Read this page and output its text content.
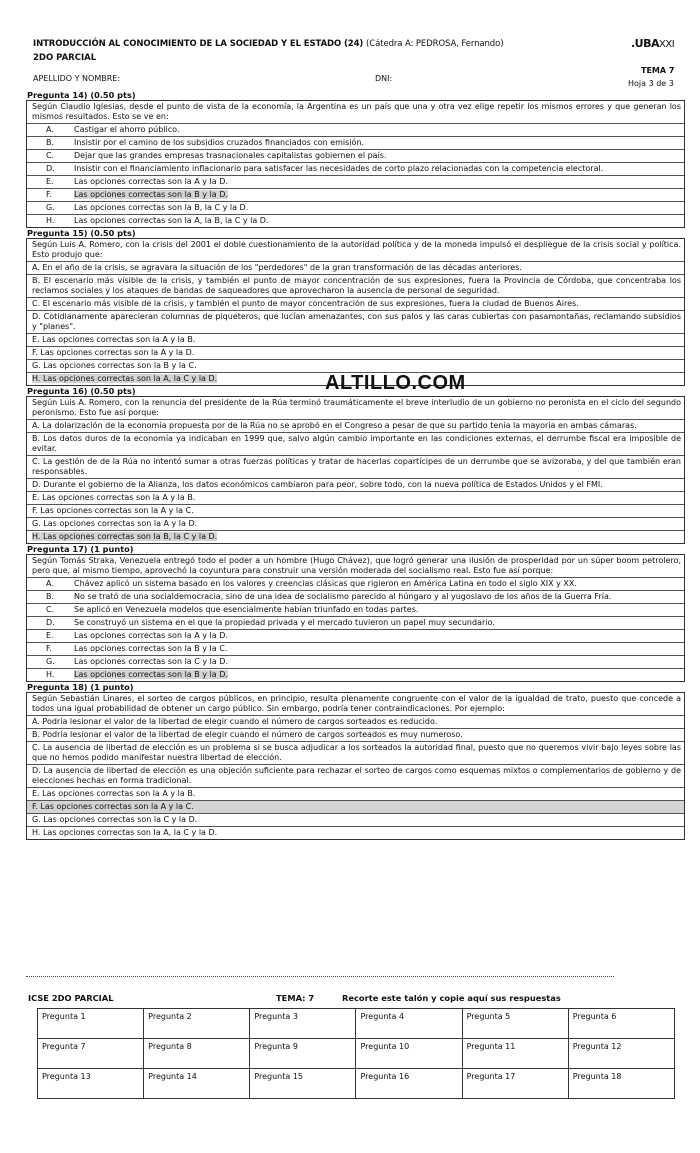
INTRODUCCIÓN AL CONOCIMIENTO DE LA SOCIEDAD Y EL ESTADO (24) (Cátedra A: PEDROSA, Fernando)
2DO PARCIAL
.UBAXXI
TEMA 7
Hoja 3 de 3
APELLIDO Y NOMBRE:	DNI:
Pregunta 14) (0.50 pts)
Según Claudio Iglesias, desde el punto de vista de la economía, la Argentina es un país que una y otra vez elige repetir los mismos errores y que generan los mismos resultados. Esto se ve en:
A.	Castigar el ahorro público.
B.	Insistir por el camino de los subsidios cruzados financiados con emisión.
C.	Dejar que las grandes empresas trasnacionales capitalistas gobiernen el país.
D.	Insistir con el financiamiento inflacionario para satisfacer las necesidades de corto plazo relacionadas con la competencia electoral.
E.	Las opciones correctas son la A y la D.
F.	Las opciones correctas son la B y la D.
G.	Las opciones correctas son la B, la C y la D.
H.	Las opciones correctas son la A, la B, la C y la D.
Pregunta 15) (0.50 pts)
Según Luis A. Romero, con la crisis del 2001 el doble cuestionamiento de la autoridad política y de la moneda impulsó el despliegue de la crisis social y política. Esto produjo que:
A. En el año de la crisis, se agravara la situación de los "perdedores" de la gran transformación de las décadas anteriores.
B. El escenario más visible de la crisis, y también el punto de mayor concentración de sus expresiones, fuera la Provincia de Córdoba, que concentraba los reclamos sociales y los ataques de bandas de saqueadores que aprovecharon la ausencia de personal de seguridad.
C. El escenario más visible de la crisis, y también el punto de mayor concentración de sus expresiones, fuera la ciudad de Buenos Aires.
D. Cotidianamente aparecieran columnas de piqueteros, que lucían amenazantes, con sus palos y las caras cubiertas con pasamontañas, reclamando subsidios y "planes".
E. Las opciones correctas son la A y la B.
F. Las opciones correctas son la A y la D.
G. Las opciones correctas son la B y la C.
H. Las opciones correctas son la A, la C y la D.
Pregunta 16) (0.50 pts)
Según Luis A. Romero, con la renuncia del presidente de la Rúa terminó traumáticamente el breve interludio de un gobierno no peronista en el ciclo del segundo peronismo. Esto fue así porque:
A. La dolarización de la economía propuesta por de la Rúa no se aprobó en el Congreso a pesar de que su partido tenía la mayoría en ambas cámaras.
B. Los datos duros de la economía ya indicaban en 1999 que, salvo algún cambio importante en las condiciones externas, el derrumbe fiscal era imposible de evitar.
C. La gestión de de la Rúa no intentó sumar a otras fuerzas políticas y tratar de hacerlas copartícipes de un derrumbe que se avizoraba, y del que también eran responsables.
D. Durante el gobierno de la Alianza, los datos económicos cambiaron para peor, sobre todo, con la nueva política de Estados Unidos y el FMI.
E. Las opciones correctas son la A y la B.
F. Las opciones correctas son la A y la C.
G. Las opciones correctas son la A y la D.
H. Las opciones correctas son la B, la C y la D.
Pregunta 17) (1 punto)
Según Tomás Straka, Venezuela entregó todo el poder a un hombre (Hugo Chávez), que logró generar una ilusión de prosperidad por un súper boom petrolero, pero que, al mismo tiempo, aprovechó la coyuntura para construir una versión moderada del socialismo real. Esto fue así porque:
A.	Chávez aplicó un sistema basado en los valores y creencias clásicas que rigieron en América Latina en todo el siglo XIX y XX.
B.	No se trató de una socialdemocracia, sino de una idea de socialismo parecido al húngaro y al yugoslavo de los años de la Guerra Fría.
C.	Se aplicó en Venezuela modelos que esencialmente habían triunfado en todas partes.
D.	Se construyó un sistema en el que la propiedad privada y el mercado tuvieron un papel muy secundario.
E.	Las opciones correctas son la A y la D.
F.	Las opciones correctas son la B y la C.
G.	Las opciones correctas son la C y la D.
H.	Las opciones correctas son la B y la D.
Pregunta 18) (1 punto)
Según Sebastián Linares, el sorteo de cargos públicos, en principio, resulta plenamente congruente con el valor de la igualdad de trato, puesto que concede a todos una igual probabilidad de obtener un cargo público. Sin embargo, podría tener contraindicaciones. Por ejemplo:
A. Podría lesionar el valor de la libertad de elegir cuando el número de cargos sorteados es reducido.
B. Podría lesionar el valor de la libertad de elegir cuando el número de cargos sorteados es muy numeroso.
C. La ausencia de libertad de elección es un problema si se busca adjudicar a los sorteados la autoridad final, puesto que no queremos vivir bajo leyes sobre las que no hemos podido manifestar nuestra libertad de elección.
D. La ausencia de libertad de elección es una objeción suficiente para rechazar el sorteo de cargos como esquemas mixtos o complementarios de gobierno y de elecciones hechas en forma tradicional.
E. Las opciones correctas son la A y la B.
F. Las opciones correctas son la A y la C.
G. Las opciones correctas son la C y la D.
H. Las opciones correctas son la A, la C y la D.
ALTILLO.COM
ICSE 2DO PARCIAL	TEMA: 7	Recorte este talón y copie aquí sus respuestas
Pregunta 1	Pregunta 2	Pregunta 3	Pregunta 4	Pregunta 5	Pregunta 6
Pregunta 7	Pregunta 8	Pregunta 9	Pregunta 10	Pregunta 11	Pregunta 12
Pregunta 13	Pregunta 14	Pregunta 15	Pregunta 16	Pregunta 17	Pregunta 18
